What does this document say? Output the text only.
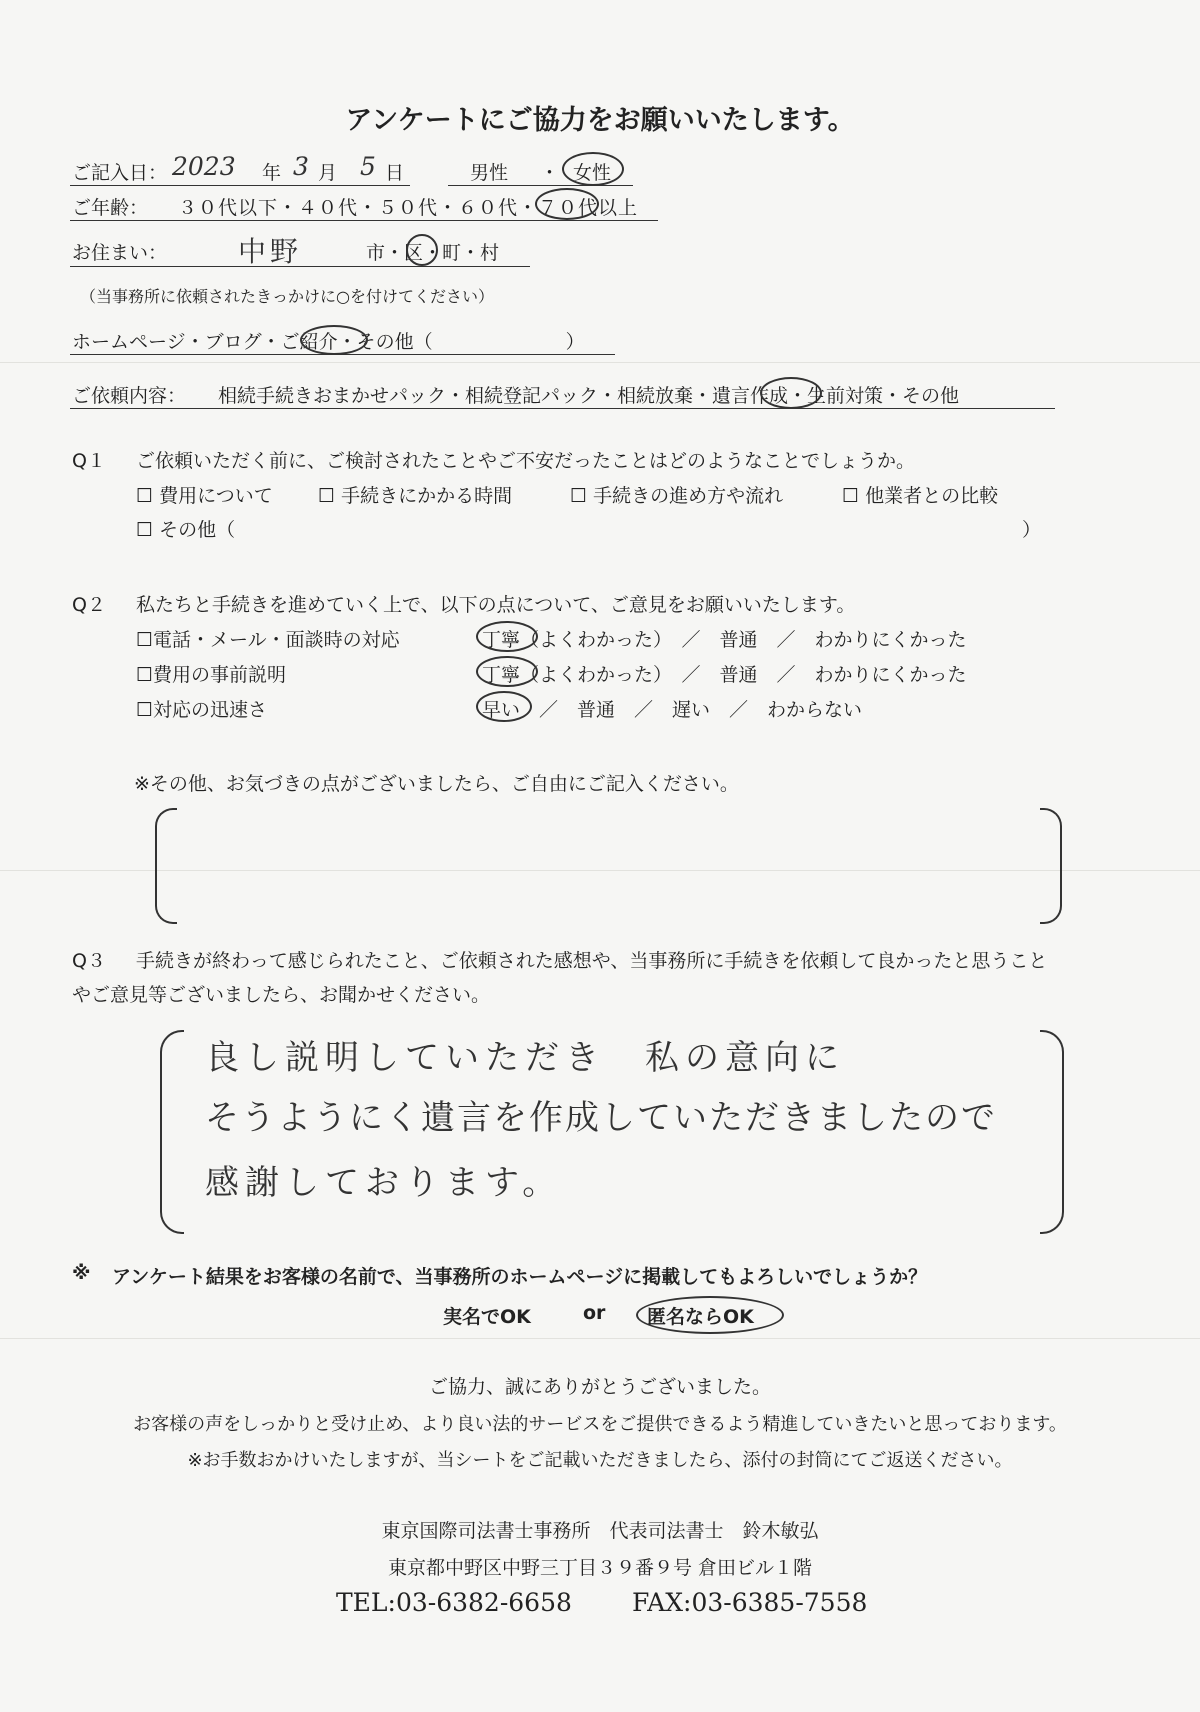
アンケートにご協力をお願いいたします。
ご記入日： 2023 年 3 月 5 日	男性 ・ 女性
ご年齢： ３０代以下・４０代・５０代・６０代・７０代以上
お住まい：	中野	市・区・町・村
（当事務所に依頼されたきっかけに○を付けてください）
ホームページ・ブログ・ご紹介・その他（　　　　　　　）
ご依頼内容： 相続手続きおまかせパック・相続登記パック・相続放棄・遺言作成・生前対策・その他
Q１ ご依頼いただく前に、ご検討されたことやご不安だったことはどのようなことでしょうか。
☐ 費用について ☐ 手続きにかかる時間	☐ 手続きの進め方や流れ	☐ 他業者との比較
☐ その他（	）
Q２ 私たちと手続きを進めていく上で、以下の点について、ご意見をお願いいたします。
☐電話・メール・面談時の対応	丁寧（よくわかった）　／　普通　／　わかりにくかった
☐費用の事前説明	丁寧（よくわかった）　／　普通　／　わかりにくかった
☐対応の迅速さ	早い　／　普通　／　遅い　／　わからない
※その他、お気づきの点がございましたら、ご自由にご記入ください。
Q３ 手続きが終わって感じられたこと、ご依頼された感想や、当事務所に手続きを依頼して良かったと思うこと
やご意見等ございましたら、お聞かせください。
良し説明していただき　私の意向に
そうようにく遺言を作成していただきましたので
感謝しております。
※ アンケート結果をお客様の名前で、当事務所のホームページに掲載してもよろしいでしょうか？
実名でOK	or 匿名ならOK
ご協力、誠にありがとうございました。
お客様の声をしっかりと受け止め、より良い法的サービスをご提供できるよう精進していきたいと思っております。
※お手数おかけいたしますが、当シートをご記載いただきましたら、添付の封筒にてご返送ください。
東京国際司法書士事務所　代表司法書士　鈴木敏弘
東京都中野区中野三丁目３９番９号 倉田ビル１階
TEL:03-6382-6658 FAX:03-6385-7558
